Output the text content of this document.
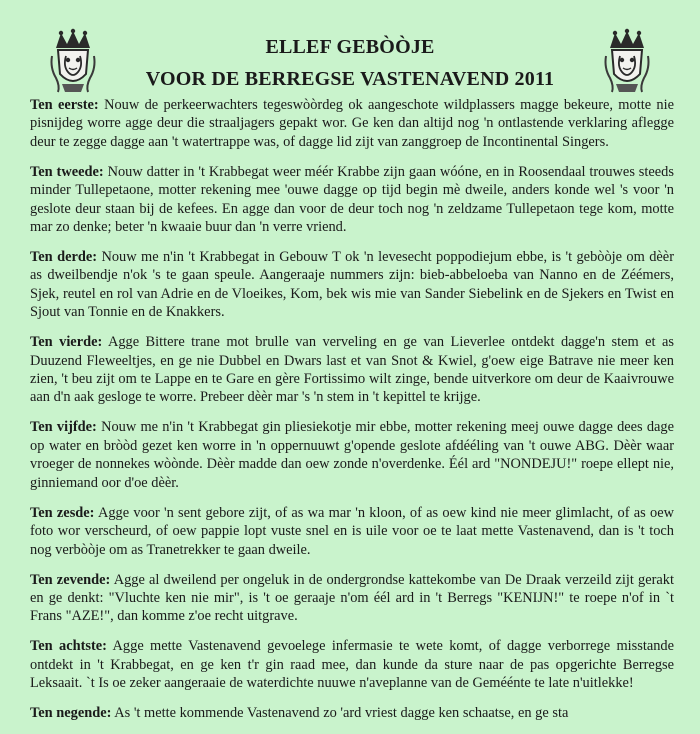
ELLEF GEBÒÒJE
VOOR DE BERREGSE VASTENAVEND 2011

Ten eerste: Nouw de perkeerwachters tegeswòòrdeg ok aangeschote wildplassers magge bekeure, motte nie pisnijdeg worre agge deur die straaljagers gepakt wor. Ge ken dan altijd nog 'n ontlastende verklaring aflegge deur te zegge dagge aan 't watertrappe was, of dagge lid zijt van zanggroep de Incontinental Singers.

Ten tweede: Nouw datter in 't Krabbegat weer méér Krabbe zijn gaan wóóne, en in Roosendaal trouwes steeds minder Tullepetaone, motter rekening mee 'ouwe dagge op tijd begin mè dweile, anders konde wel 's voor 'n geslote deur staan bij de kefees. En agge dan voor de deur toch nog 'n zeldzame Tullepetaon tege kom, motte mar zo denke; beter 'n kwaaie buur dan 'n verre vriend.

Ten derde: Nouw me n'in 't Krabbegat in Gebouw T ok 'n levesecht poppodiejum ebbe, is 't gebòòje om dèèr as dweilbendje n'ok 's te gaan speule. Aangeraaje nummers zijn: bieb-abbeloeba van Nanno en de Zéémers, Sjek, reutel en rol van Adrie en de Vloeikes, Kom, bek wis mie van Sander Siebelink en de Sjekers en Twist en Sjout van Tonnie en de Knakkers.

Ten vierde: Agge Bittere trane mot brulle van verveling en ge van Lieverlee ontdekt dagge'n stem et as Duuzend Fleweeltjes, en ge nie Dubbel en Dwars last et van Snot & Kwiel, g'oew eige Batrave nie meer ken zien, 't beu zijt om te Lappe en te Gare en gère Fortissimo wilt zinge, bende uitverkore om deur de Kaaivrouwe aan d'n aak gesloge te worre. Prebeer dèèr mar 's 'n stem in 't kepittel te krijge.

Ten vijfde: Nouw me n'in 't Krabbegat gin pliesiekotje mir ebbe, motter rekening meej ouwe dagge dees dage op water en bròòd gezet ken worre in 'n oppernuuwt g'opende geslote afdééling van 't ouwe ABG. Dèèr waar vroeger de nonnekes wòònde. Dèèr madde dan oew zonde n'overdenke. Éél ard "NONDEJU!" roepe ellept nie, ginniemand oor d'oe dèèr.

Ten zesde: Agge voor 'n sent gebore zijt, of as wa mar 'n kloon, of as oew kind nie meer glimlacht, of as oew foto wor verscheurd, of oew pappie lopt vuste snel en is uile voor oe te laat mette Vastenavend, dan is 't toch nog verbòòje om as Tranetrekker te gaan dweile.

Ten zevende: Agge al dweilend per ongeluk in de ondergrondse kattekombe van De Draak verzeild zijt gerakt en ge denkt: "Vluchte ken nie mir", is 't oe geraaje n'om éél ard in 't Berregs "KENIJN!" te roepe n'of in `t Frans "AZE!", dan komme z'oe recht uitgrave.

Ten achtste: Agge mette Vastenavend gevoelege infermasie te wete komt, of dagge verborrege misstande ontdekt in 't Krabbegat, en ge ken t'r gin raad mee, dan kunde da sture naar de pas opgerichte Berregse Leksaait. `t Is oe zeker aangeraaie de waterdichte nuuwe n'aveplanne van de Geméénte te late n'uitlekke!

Ten negende: As 't mette kommende Vastenavend zo 'ard vriest dagge ken schaatse, en ge sta
